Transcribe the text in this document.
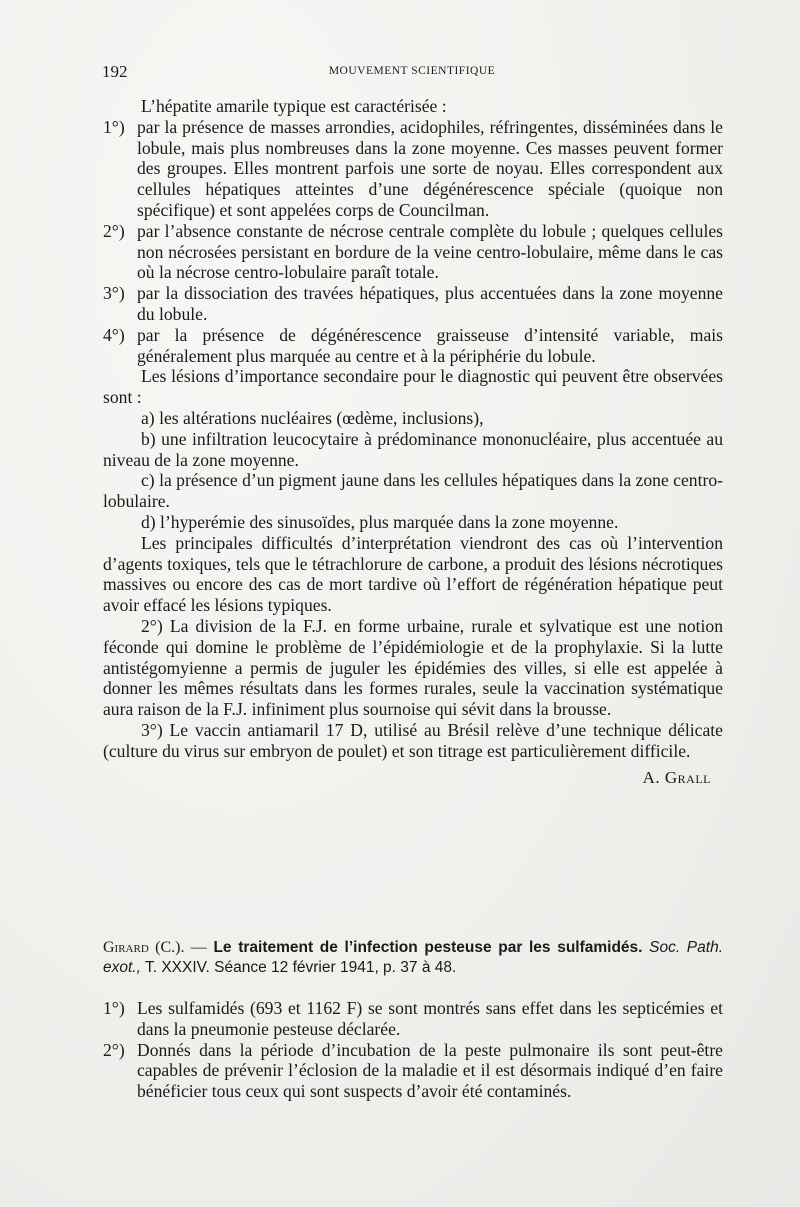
192	MOUVEMENT SCIENTIFIQUE

L’hépatite amarile typique est caractérisée :

1°) par la présence de masses arrondies, acidophiles, réfringentes, disséminées dans le lobule, mais plus nombreuses dans la zone moyenne. Ces masses peuvent former des groupes. Elles montrent parfois une sorte de noyau. Elles correspondent aux cellules hépatiques atteintes d’une dégénérescence spéciale (quoique non spécifique) et sont appelées corps de Councilman.
2°) par l’absence constante de nécrose centrale complète du lobule ; quelques cellules non nécrosées persistant en bordure de la veine centro-lobulaire, même dans le cas où la nécrose centro-lobulaire paraît totale.
3°) par la dissociation des travées hépatiques, plus accentuées dans la zone moyenne du lobule.
4°) par la présence de dégénérescence graisseuse d’intensité variable, mais généralement plus marquée au centre et à la périphérie du lobule.

Les lésions d’importance secondaire pour le diagnostic qui peuvent être observées sont :

a) les altérations nucléaires (œdème, inclusions),

b) une infiltration leucocytaire à prédominance mononucléaire, plus accentuée au niveau de la zone moyenne.

c) la présence d’un pigment jaune dans les cellules hépatiques dans la zone centro-lobulaire.

d) l’hyperémie des sinusoïdes, plus marquée dans la zone moyenne.

Les principales difficultés d’interprétation viendront des cas où l’intervention d’agents toxiques, tels que le tétrachlorure de carbone, a produit des lésions nécrotiques massives ou encore des cas de mort tardive où l’effort de régénération hépatique peut avoir effacé les lésions typiques.

2°) La division de la F.J. en forme urbaine, rurale et sylvatique est une notion féconde qui domine le problème de l’épidémiologie et de la prophylaxie. Si la lutte antistégomyienne a permis de juguler les épidémies des villes, si elle est appelée à donner les mêmes résultats dans les formes rurales, seule la vaccination systématique aura raison de la F.J. infiniment plus sournoise qui sévit dans la brousse.

3°) Le vaccin antiamaril 17 D, utilisé au Brésil relève d’une technique délicate (culture du virus sur embryon de poulet) et son titrage est particulièrement difficile.

A. Grall

Girard (C.). — Le traitement de l’infection pesteuse par les sulfamidés. Soc. Path. exot., T. XXXIV. Séance 12 février 1941, p. 37 à 48.

1°) Les sulfamidés (693 et 1162 F) se sont montrés sans effet dans les septicémies et dans la pneumonie pesteuse déclarée.
2°) Donnés dans la période d’incubation de la peste pulmonaire ils sont peut-être capables de prévenir l’éclosion de la maladie et il est désormais indiqué d’en faire bénéficier tous ceux qui sont suspects d’avoir été contaminés.
